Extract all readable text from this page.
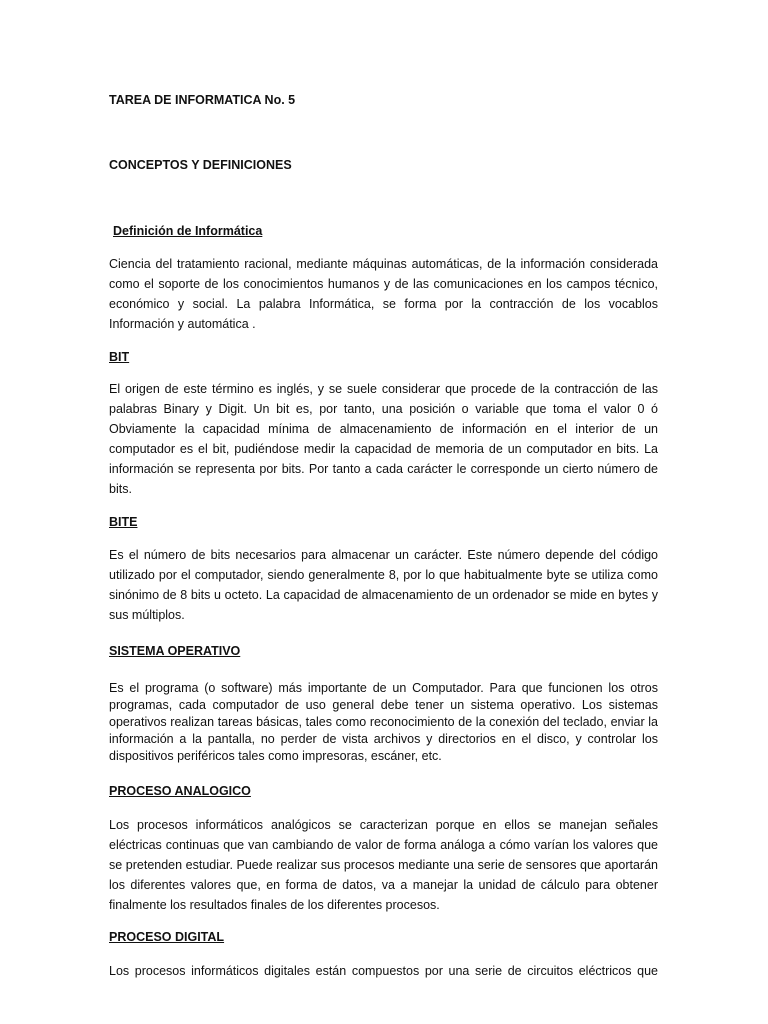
TAREA DE INFORMATICA No. 5
CONCEPTOS Y DEFINICIONES
Definición de Informática
Ciencia del tratamiento racional, mediante máquinas automáticas, de la información considerada como el soporte de los conocimientos humanos y de las comunicaciones en los campos técnico, económico y social. La palabra Informática, se forma por la contracción de los vocablos Información y automática .
BIT
El origen de este término es inglés, y se suele considerar que procede de la contracción de las palabras Binary y Digit. Un bit es, por tanto, una posición o variable que toma el valor 0 ó Obviamente la capacidad mínima de almacenamiento de información en el interior de un computador es el bit, pudiéndose medir la capacidad de memoria de un computador en bits. La información se representa por bits. Por tanto a cada carácter le corresponde un cierto número de bits.
BITE
Es el número de bits necesarios para almacenar un carácter. Este número depende del código utilizado por el computador, siendo generalmente 8, por lo que habitualmente byte se utiliza como sinónimo de 8 bits u octeto. La capacidad de almacenamiento de un ordenador se mide en bytes y sus múltiplos.
SISTEMA OPERATIVO
Es el programa (o software) más importante de un Computador. Para que funcionen los otros programas, cada computador de uso general debe tener un sistema operativo. Los sistemas operativos realizan tareas básicas, tales como reconocimiento de la conexión del teclado, enviar la información a la pantalla, no perder de vista archivos y directorios en el disco, y controlar los dispositivos periféricos tales como impresoras, escáner, etc.
PROCESO ANALOGICO
Los procesos informáticos analógicos se caracterizan porque en ellos se manejan señales eléctricas continuas que van cambiando de valor de forma análoga a cómo varían los valores que se pretenden estudiar. Puede realizar sus procesos mediante una serie de sensores que aportarán los diferentes valores que, en forma de datos, va a manejar la unidad de cálculo para obtener finalmente los resultados finales de los diferentes procesos.
PROCESO DIGITAL
Los procesos informáticos digitales están compuestos por una serie de circuitos eléctricos que
